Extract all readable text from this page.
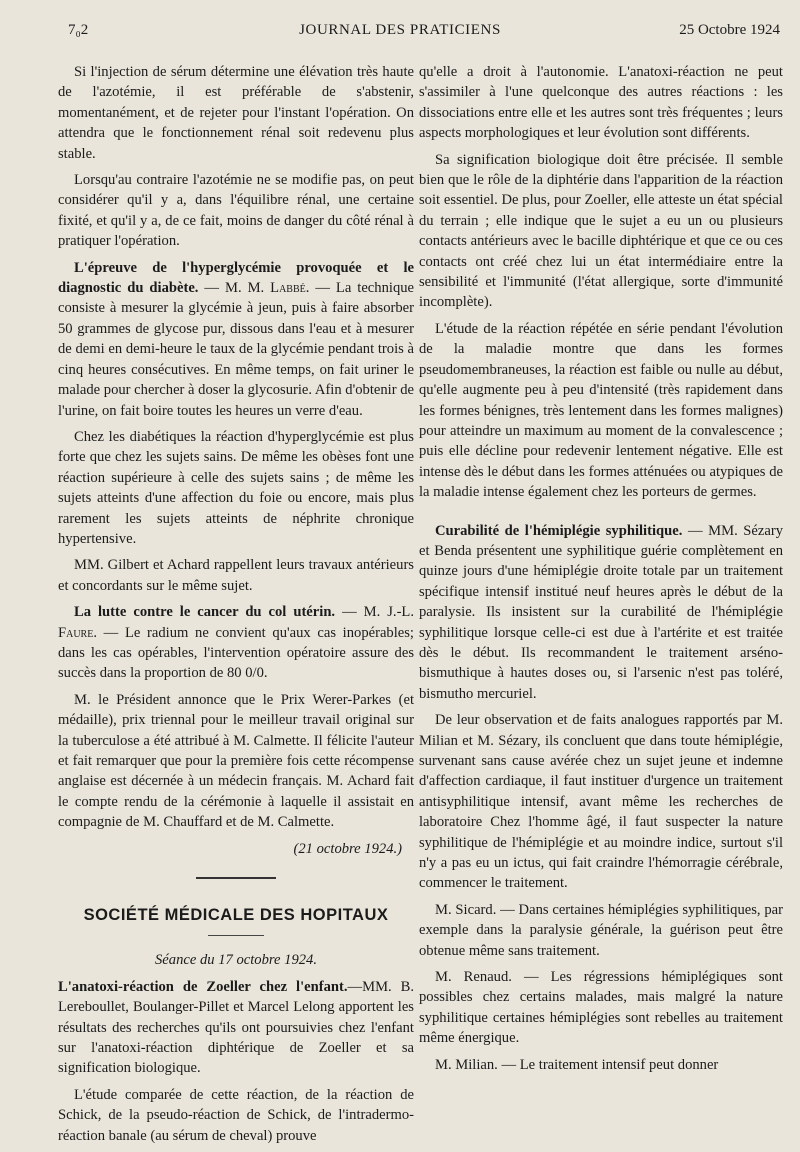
7₀2	JOURNAL DES PRATICIENS	25 Octobre 1924

Si l'injection de sérum détermine une élévation très haute de l'azotémie, il est préférable de s'abstenir, momentanément, et de rejeter pour l'instant l'opération. On attendra que le fonctionnement rénal soit redevenu plus stable.

Lorsqu'au contraire l'azotémie ne se modifie pas, on peut considérer qu'il y a, dans l'équilibre rénal, une certaine fixité, et qu'il y a, de ce fait, moins de danger du côté rénal à pratiquer l'opération.

L'épreuve de l'hyperglycémie provoquée et le diagnostic du diabète. — M. M. Labbé. — La technique consiste à mesurer la glycémie à jeun, puis à faire absorber 50 grammes de glycose pur, dissous dans l'eau et à mesurer de demi en demi-heure le taux de la glycémie pendant trois à cinq heures consécutives. En même temps, on fait uriner le malade pour chercher à doser la glycosurie. Afin d'obtenir de l'urine, on fait boire toutes les heures un verre d'eau.

Chez les diabétiques la réaction d'hyperglycémie est plus forte que chez les sujets sains. De même les obèses font une réaction supérieure à celle des sujets sains ; de même les sujets atteints d'une affection du foie ou encore, mais plus rarement les sujets atteints de néphrite chronique hypertensive.

MM. Gilbert et Achard rappellent leurs travaux antérieurs et concordants sur le même sujet.

La lutte contre le cancer du col utérin. — M. J.-L. Faure. — Le radium ne convient qu'aux cas inopérables; dans les cas opérables, l'intervention opératoire assure des succès dans la proportion de 80 0/0.

M. le Président annonce que le Prix Werer-Parkes (et médaille), prix triennal pour le meilleur travail original sur la tuberculose a été attribué à M. Calmette. Il félicite l'auteur et fait remarquer que pour la première fois cette récompense anglaise est décernée à un médecin français. M. Achard fait le compte rendu de la cérémonie à laquelle il assistait en compagnie de M. Chauffard et de M. Calmette.

(21 octobre 1924.)
SOCIÉTÉ MÉDICALE DES HOPITAUX
Séance du 17 octobre 1924.

L'anatoxi-réaction de Zoeller chez l'enfant.—MM. B. Lereboullet, Boulanger-Pillet et Marcel Lelong apportent les résultats des recherches qu'ils ont poursuivies chez l'enfant sur l'anatoxi-réaction diphtérique de Zoeller et sa signification biologique.

L'étude comparée de cette réaction, de la réaction de Schick, de la pseudo-réaction de Schick, de l'intradermo-réaction banale (au sérum de cheval) prouve

qu'elle a droit à l'autonomie. L'anatoxi-réaction ne peut s'assimiler à l'une quelconque des autres réactions : les dissociations entre elle et les autres sont très fréquentes ; leurs aspects morphologiques et leur évolution sont différents.

Sa signification biologique doit être précisée. Il semble bien que le rôle de la diphtérie dans l'apparition de la réaction soit essentiel. De plus, pour Zoeller, elle atteste un état spécial du terrain ; elle indique que le sujet a eu un ou plusieurs contacts antérieurs avec le bacille diphtérique et que ce ou ces contacts ont créé chez lui un état intermédiaire entre la sensibilité et l'immunité (l'état allergique, sorte d'immunité incomplète).

L'étude de la réaction répétée en série pendant l'évolution de la maladie montre que dans les formes pseudomembraneuses, la réaction est faible ou nulle au début, qu'elle augmente peu à peu d'intensité (très rapidement dans les formes bénignes, très lentement dans les formes malignes) pour atteindre un maximum au moment de la convalescence ; puis elle décline pour redevenir lentement négative. Elle est intense dès le début dans les formes atténuées ou atypiques de la maladie intense également chez les porteurs de germes.

Curabilité de l'hémiplégie syphilitique. — MM. Sézary et Benda présentent une syphilitique guérie complètement en quinze jours d'une hémiplégie droite totale par un traitement spécifique intensif institué neuf heures après le début de la paralysie. Ils insistent sur la curabilité de l'hémiplégie syphilitique lorsque celle-ci est due à l'artérite et est traitée dès le début. Ils recommandent le traitement arséno-bismuthique à hautes doses ou, si l'arsenic n'est pas toléré, bismutho mercuriel.

De leur observation et de faits analogues rapportés par M. Milian et M. Sézary, ils concluent que dans toute hémiplégie, survenant sans cause avérée chez un sujet jeune et indemne d'affection cardiaque, il faut instituer d'urgence un traitement antisyphilitique intensif, avant même les recherches de laboratoire Chez l'homme âgé, il faut suspecter la nature syphilitique de l'hémiplégie et au moindre indice, surtout s'il n'y a pas eu un ictus, qui fait craindre l'hémorragie cérébrale, commencer le traitement.

M. Sicard. — Dans certaines hémiplégies syphilitiques, par exemple dans la paralysie générale, la guérison peut être obtenue même sans traitement.

M. Renaud. — Les régressions hémiplégiques sont possibles chez certains malades, mais malgré la nature syphilitique certaines hémiplégies sont rebelles au traitement même énergique.

M. Milian. — Le traitement intensif peut donner
